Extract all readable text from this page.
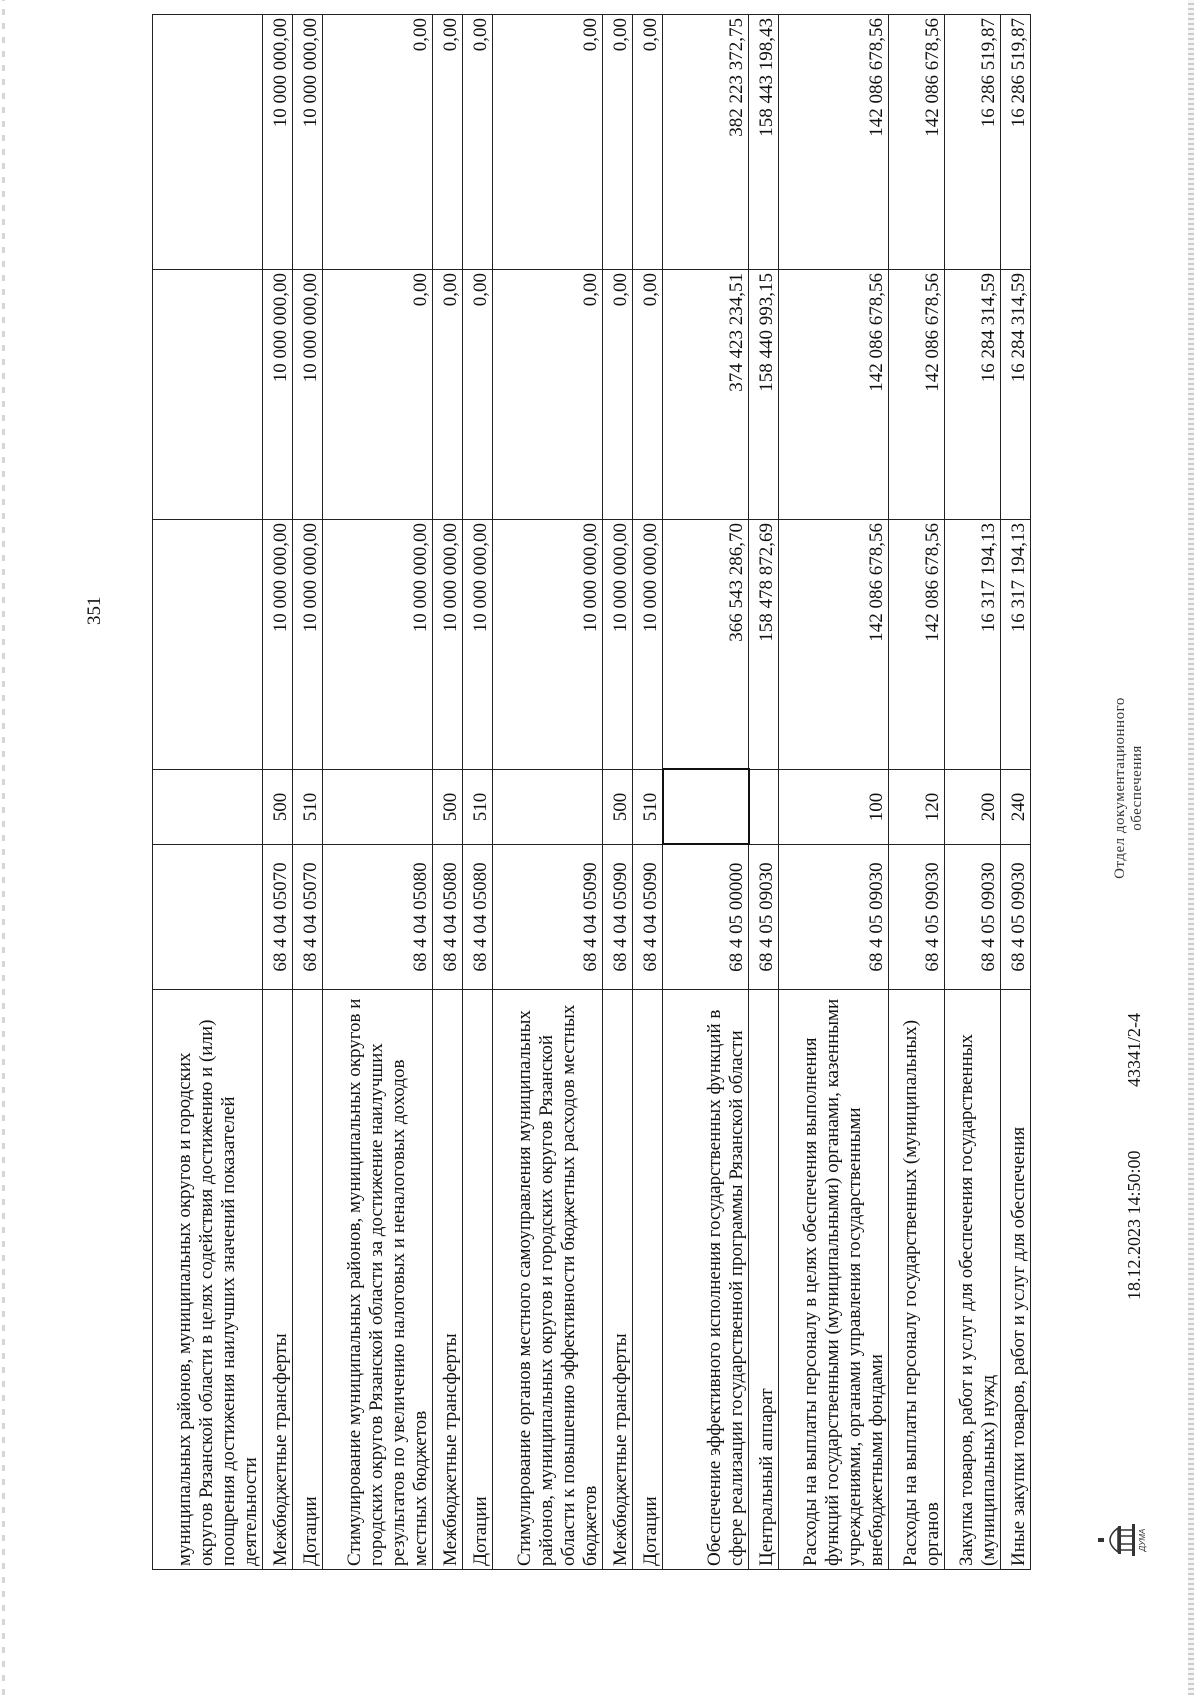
351
муниципальных районов, муниципальных округов и городских округов Рязанской области в целях содействия достижению и (или) поощрения достижения наилучших значений показателей деятельности					
Межбюджетные трансферты	68 4 04 05070	500	10 000 000,00	10 000 000,00	10 000 000,00
Дотации	68 4 04 05070	510	10 000 000,00	10 000 000,00	10 000 000,00
Стимулирование муниципальных районов, муниципальных округов и городских округов Рязанской области за достижение наилучших результатов по увеличению налоговых и неналоговых доходов местных бюджетов	68 4 04 05080		10 000 000,00	0,00	0,00
Межбюджетные трансферты	68 4 04 05080	500	10 000 000,00	0,00	0,00
Дотации	68 4 04 05080	510	10 000 000,00	0,00	0,00
Стимулирование органов местного самоуправления муниципальных районов, муниципальных округов и городских округов Рязанской области к повышению эффективности бюджетных расходов местных бюджетов	68 4 04 05090		10 000 000,00	0,00	0,00
Межбюджетные трансферты	68 4 04 05090	500	10 000 000,00	0,00	0,00
Дотации	68 4 04 05090	510	10 000 000,00	0,00	0,00
Обеспечение эффективного исполнения государственных функций в сфере реализации государственной программы Рязанской области	68 4 05 00000		366 543 286,70	374 423 234,51	382 223 372,75
Центральный аппарат	68 4 05 09030		158 478 872,69	158 440 993,15	158 443 198,43
Расходы на выплаты персоналу в целях обеспечения выполнения функций государственными (муниципальными) органами, казенными учреждениями, органами управления государственными внебюджетными фондами	68 4 05 09030	100	142 086 678,56	142 086 678,56	142 086 678,56
Расходы на выплаты персоналу государственных (муниципальных) органов	68 4 05 09030	120	142 086 678,56	142 086 678,56	142 086 678,56
Закупка товаров, работ и услуг для обеспечения государственных (муниципальных) нужд	68 4 05 09030	200	16 317 194,13	16 284 314,59	16 286 519,87
Иные закупки товаров, работ и услуг для обеспечения	68 4 05 09030	240	16 317 194,13	16 284 314,59	16 286 519,87
ДУМА
18.12.2023 14:50:00
43341/2-4
Отдел документационного обеспечения
